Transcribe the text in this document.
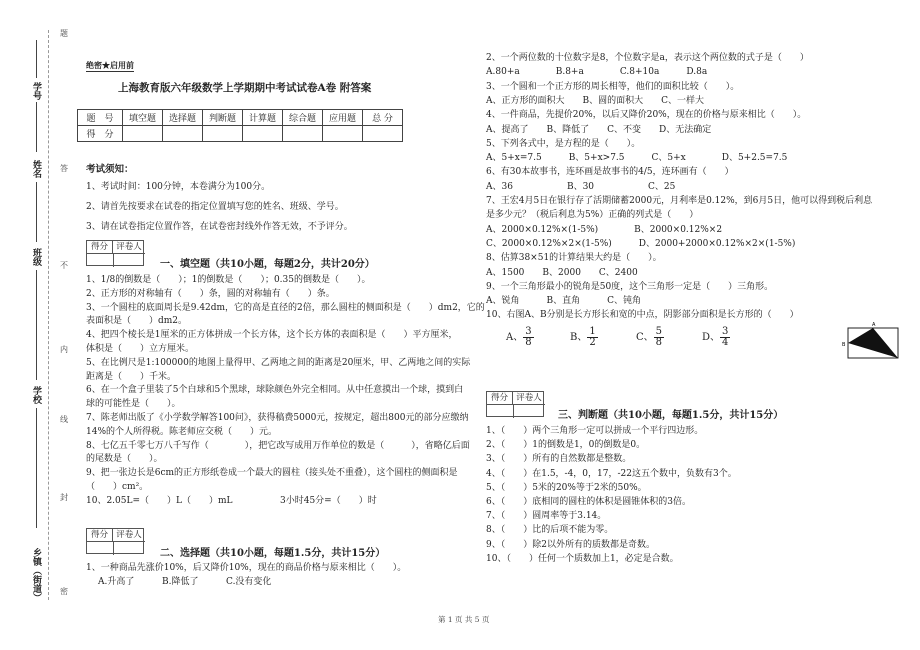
题
学号
姓名 答
班级 不
内
学校
线
封
乡镇（街道） 密
绝密★启用前
上海教育版六年级数学上学期期中考试试卷A卷 附答案
题　号	填空题	选择题	判断题	计算题	综合题	应用题	总 分
得　分							
考试须知：
1、考试时间：100分钟，本卷满分为100分。
2、请首先按要求在试卷的指定位置填写您的姓名、班级、学号。
3、请在试卷指定位置作答，在试卷密封线外作答无效，不予评分。
得分 评卷人
一、填空题（共10小题，每题2分，共计20分）
1、1/8的倒数是（　　）；1的倒数是（　　）；0.35的倒数是（　　）。
2、正方形的对称轴有（　　）条，圆的对称轴有（　　）条。
3、一个圆柱的底面周长是9.42dm，它的高是直径的2倍，那么圆柱的侧面积是（　　）dm2，它的
表面积是（　　）dm2。
4、把四个棱长是1厘米的正方体拼成一个长方体，这个长方体的表面积是（　　）平方厘米，
体积是（　　）立方厘米。
5、在比例尺是1:100000的地图上量得甲、乙两地之间的距离是20厘米，甲、乙两地之间的实际
距离是（　　）千米。
6、在一个盒子里装了5个白球和5个黑球，球除颜色外完全相同。从中任意摸出一个球，摸到白
球的可能性是（　　）。
7、陈老师出版了《小学数学解答100问》，获得稿费5000元，按规定，超出800元的部分应缴纳
14%的个人所得税。陈老师应交税（　　）元。
8、七亿五千零七万八千写作（　　　　），把它改写成用万作单位的数是（　　　），省略亿后面
的尾数是（　　）。
9、把一张边长是6cm的正方形纸卷成一个最大的圆柱（接头处不重叠），这个圆柱的侧面积是
（　　）cm²。
10、2.05L=（　　）L（　　）mL	3小时45分=（　　）时
得分 评卷人
二、选择题（共10小题，每题1.5分，共计15分）
1、一种商品先涨价10%，后又降价10%，现在的商品价格与原来相比（　　）。
A.升高了	B.降低了	C.没有变化
2、一个两位数的十位数字是8，个位数字是a，表示这个两位数的式子是（　　）
A.80+a　　　　B.8+a　　　　C.8+10a　　　D.8a
3、一个圆和一个正方形的周长相等，他们的面积比较（　　）。
A、正方形的面积大　　B、圆的面积大　　C、一样大
4、一件商品，先提价20%，以后又降价20%，现在的价格与原来相比（　　）。
A、提高了　　B、降低了　　C、不变　　D、无法确定
5、下列各式中，是方程的是（　　）。
A、5+x=7.5　　　B、5+x>7.5　　　C、5+x　　　　D、5+2.5=7.5
6、有30本故事书，连环画是故事书的4/5，连环画有（　　）
A、36　　　　　　B、30　　　　　　C、25
7、王宏4月5日在银行存了活期储蓄2000元，月利率是0.12%，到6月5日，他可以得到税后利息
是多少元？（税后利息为5%）正确的列式是（　　）
A、2000×0.12%×(1-5%)　　　　B、2000×0.12%×2
C、2000×0.12%×2×(1-5%)　　　D、2000+2000×0.12%×2×(1-5%)
8、估算38×51的计算结果大约是（　　）。
A、1500　　B、2000　　C、2400
9、一个三角形最小的锐角是50度，这个三角形一定是（　　）三角形。
A、锐角　　　B、直角　　　C、钝角
10、右图A、B分别是长方形长和宽的中点，阴影部分面积是长方形的（　　）
A、 $\frac{3}{8}$	B、 $\frac{1}{2}$	C、 $\frac{5}{8}$	D、 $\frac{3}{4}$
A
B
得分 评卷人
三、判断题（共10小题，每题1.5分，共计15分）
1、（　　）两个三角形一定可以拼成一个平行四边形。
2、（　　）1的倒数是1，0的倒数是0。
3、（　　）所有的自然数都是整数。
4、（　　）在1.5，-4，0，17，-22这五个数中，负数有3个。
5、（　　）5米的20%等于2米的50%。
6、（　　）底相同的圆柱的体积是圆锥体积的3倍。
7、（　　）圆周率等于3.14。
8、（　　）比的后项不能为零。
9、（　　）除2以外所有的质数都是奇数。
10、（　　）任何一个质数加上1，必定是合数。
第 1 页 共 5 页
